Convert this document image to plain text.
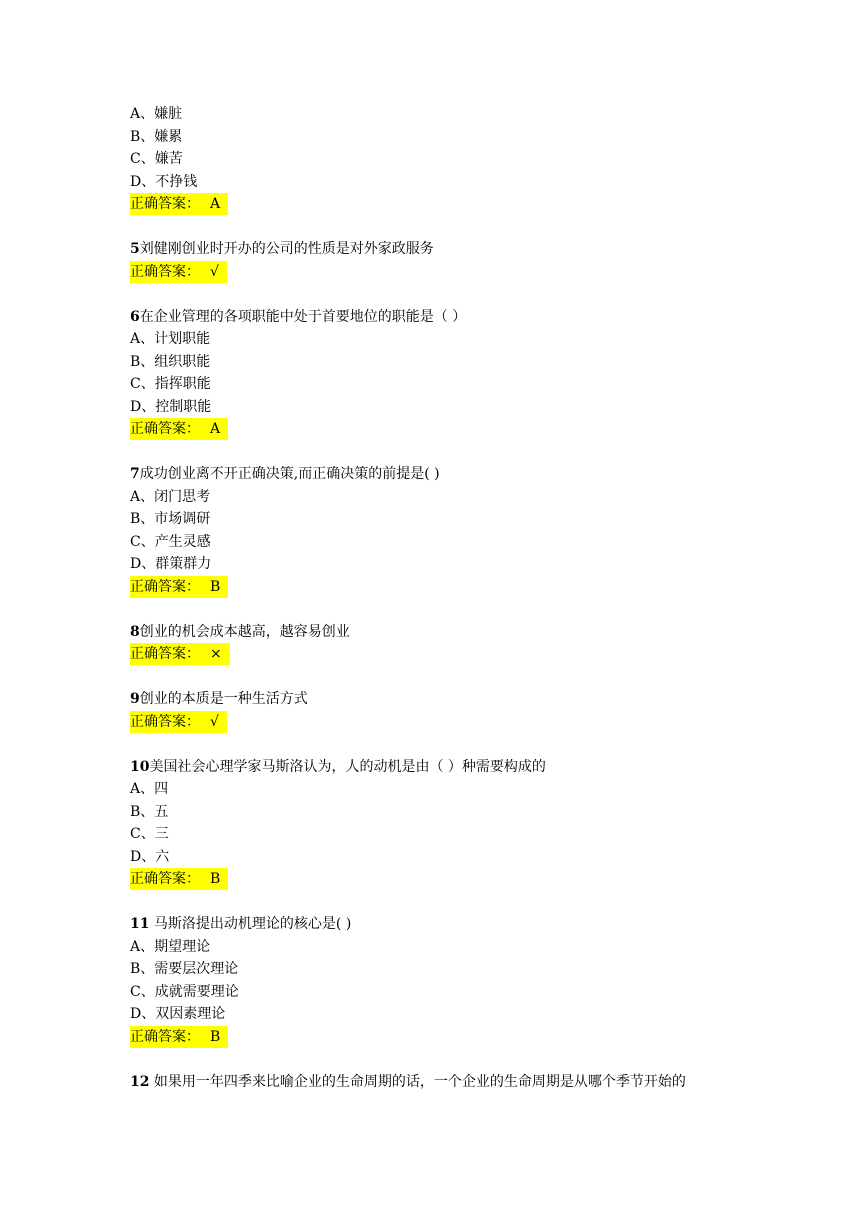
A、嫌脏
B、嫌累
C、嫌苦
D、不挣钱
正确答案： A
5刘健刚创业时开办的公司的性质是对外家政服务
正确答案： √
6在企业管理的各项职能中处于首要地位的职能是（ ）
A、计划职能
B、组织职能
C、指挥职能
D、控制职能
正确答案： A
7成功创业离不开正确决策,而正确决策的前提是( )
A、闭门思考
B、市场调研
C、产生灵感
D、群策群力
正确答案： B
8创业的机会成本越高，越容易创业
正确答案： ×
9创业的本质是一种生活方式
正确答案： √
10美国社会心理学家马斯洛认为，人的动机是由（ ）种需要构成的
A、四
B、五
C、三
D、六
正确答案： B
11 马斯洛提出动机理论的核心是( )
A、期望理论
B、需要层次理论
C、成就需要理论
D、双因素理论
正确答案： B
12 如果用一年四季来比喻企业的生命周期的话，一个企业的生命周期是从哪个季节开始的
